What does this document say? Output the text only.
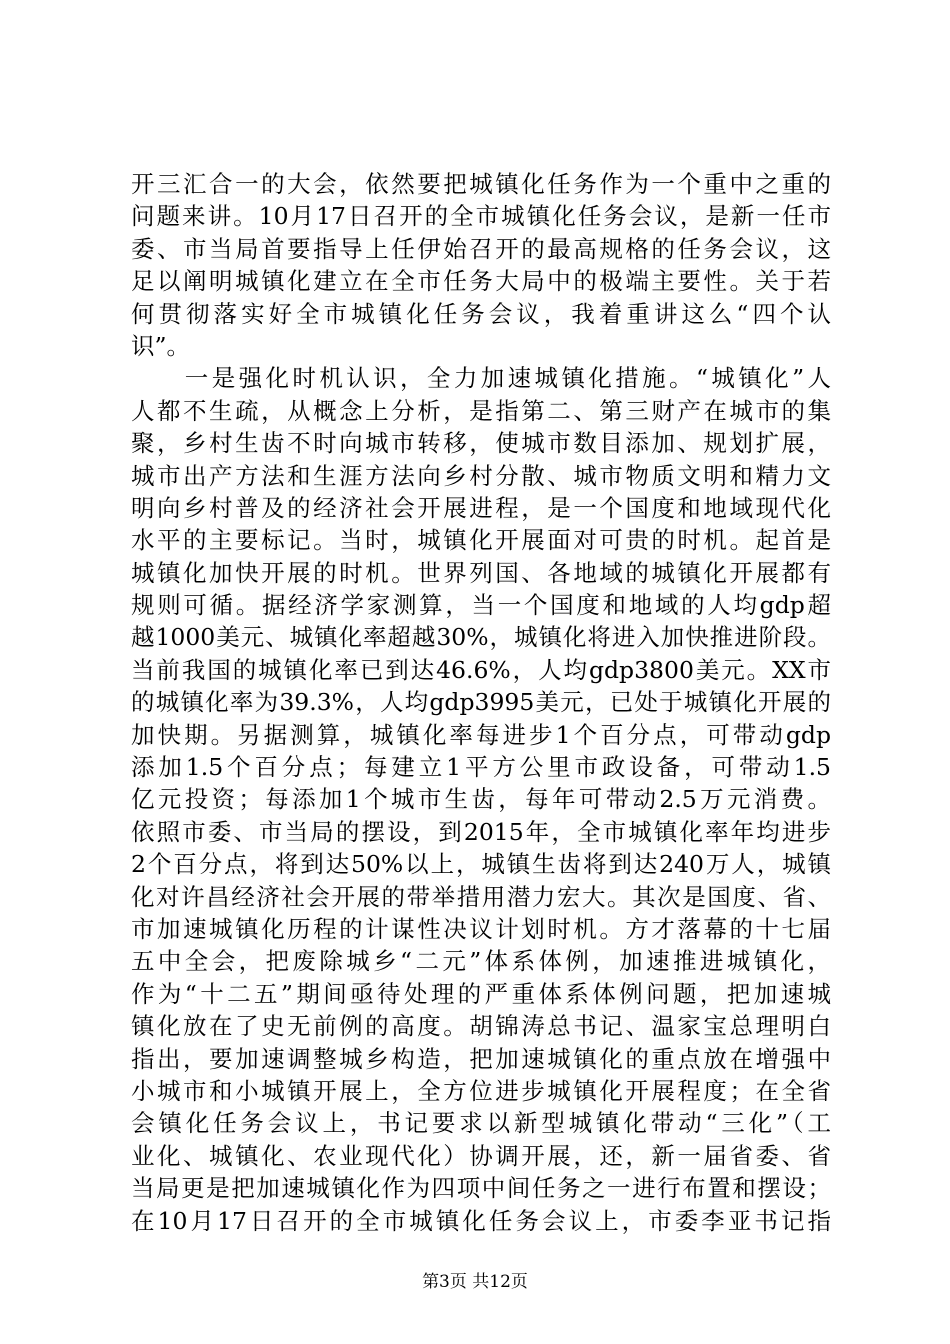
开三汇合一的大会，依然要把城镇化任务作为一个重中之重的
问题来讲。10月17日召开的全市城镇化任务会议，是新一任市
委、市当局首要指导上任伊始召开的最高规格的任务会议，这
足以阐明城镇化建立在全市任务大局中的极端主要性。关于若
何贯彻落实好全市城镇化任务会议，我着重讲这么“四个认
识”。
　　一是强化时机认识，全力加速城镇化措施。“城镇化”人
人都不生疏，从概念上分析，是指第二、第三财产在城市的集
聚，乡村生齿不时向城市转移，使城市数目添加、规划扩展，
城市出产方法和生涯方法向乡村分散、城市物质文明和精力文
明向乡村普及的经济社会开展进程，是一个国度和地域现代化
水平的主要标记。当时，城镇化开展面对可贵的时机。起首是
城镇化加快开展的时机。世界列国、各地域的城镇化开展都有
规则可循。据经济学家测算，当一个国度和地域的人均gdp超
越1000美元、城镇化率超越30%，城镇化将进入加快推进阶段。
当前我国的城镇化率已到达46.6%，人均gdp3800美元。XX市
的城镇化率为39.3%，人均gdp3995美元，已处于城镇化开展的
加快期。另据测算，城镇化率每进步1个百分点，可带动gdp
添加1.5个百分点；每建立1平方公里市政设备，可带动1.5
亿元投资；每添加1个城市生齿，每年可带动2.5万元消费。
依照市委、市当局的摆设，到2015年，全市城镇化率年均进步
2个百分点，将到达50%以上，城镇生齿将到达240万人，城镇
化对许昌经济社会开展的带举措用潜力宏大。其次是国度、省、
市加速城镇化历程的计谋性决议计划时机。方才落幕的十七届
五中全会，把废除城乡“二元”体系体例，加速推进城镇化，
作为“十二五”期间亟待处理的严重体系体例问题，把加速城
镇化放在了史无前例的高度。胡锦涛总书记、温家宝总理明白
指出，要加速调整城乡构造，把加速城镇化的重点放在增强中
小城市和小城镇开展上，全方位进步城镇化开展程度；在全省
会镇化任务会议上，书记要求以新型城镇化带动“三化”（工
业化、城镇化、农业现代化）协调开展，还，新一届省委、省
当局更是把加速城镇化作为四项中间任务之一进行布置和摆设；
在10月17日召开的全市城镇化任务会议上，市委李亚书记指
第3页 共12页
